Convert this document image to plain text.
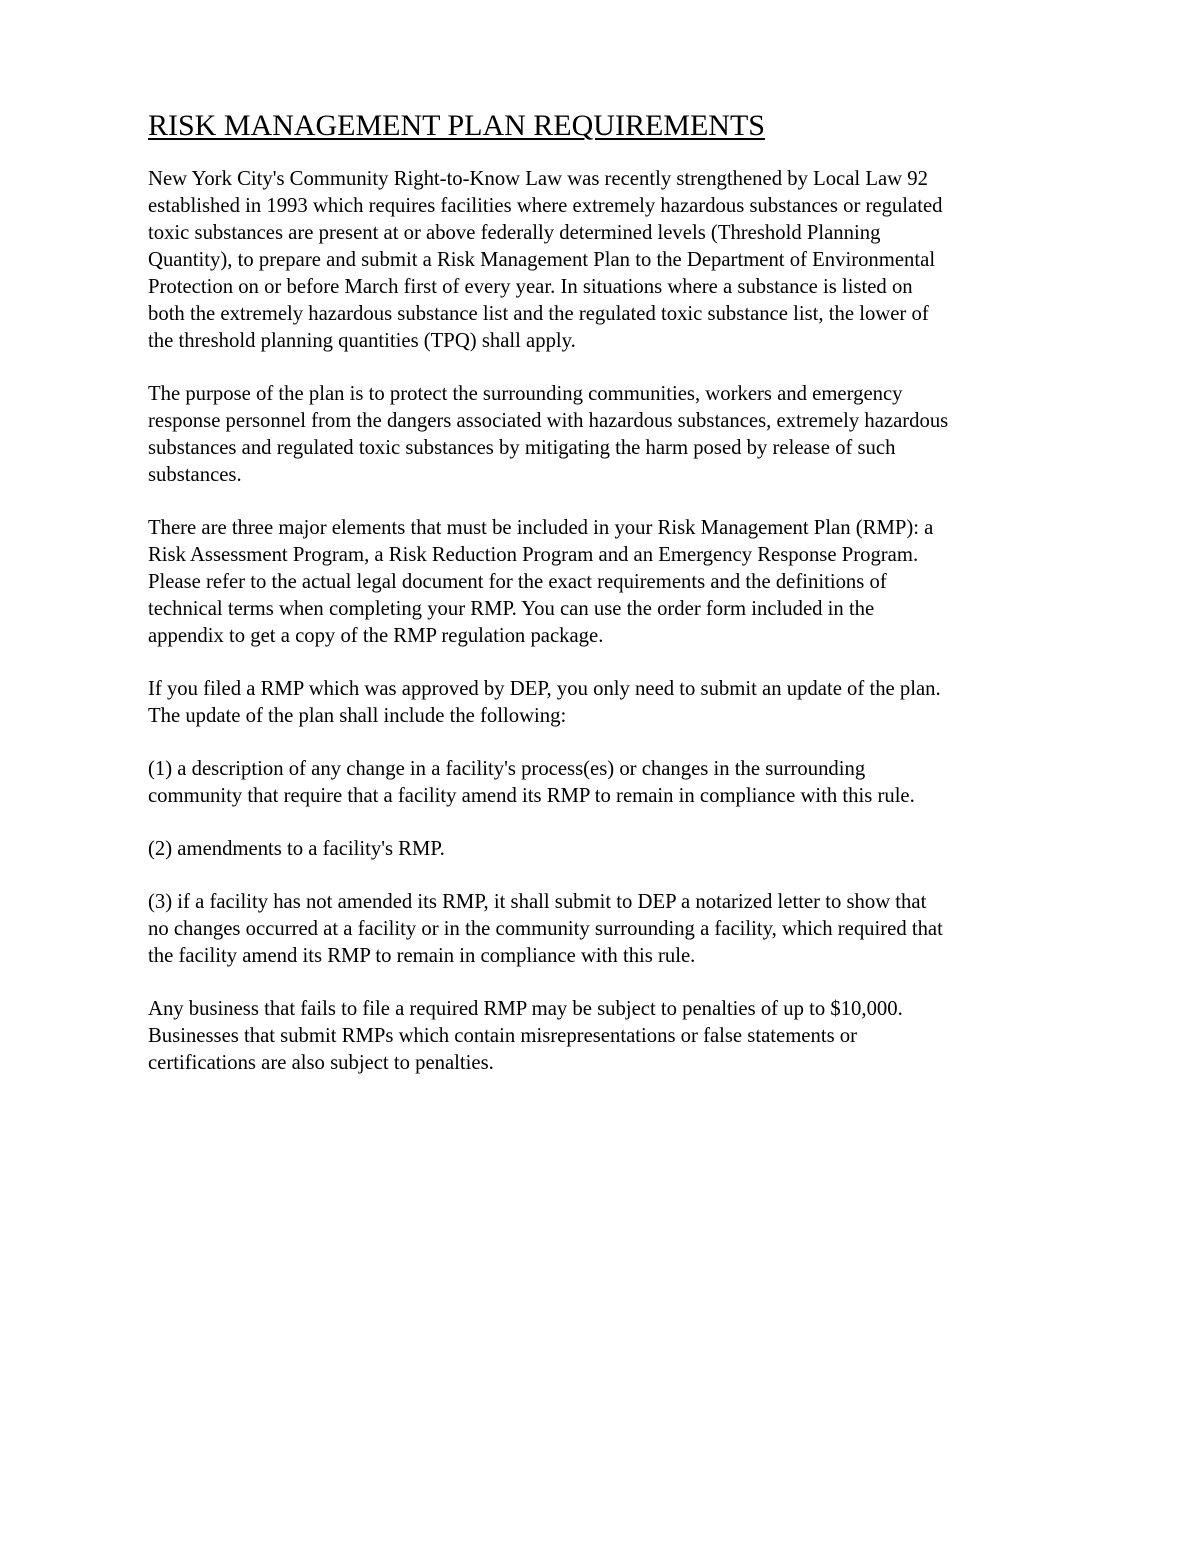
RISK MANAGEMENT PLAN REQUIREMENTS

New York City's Community Right-to-Know Law was recently strengthened by Local Law 92
established in 1993 which requires facilities where extremely hazardous substances or regulated
toxic substances are present at or above federally determined levels (Threshold Planning
Quantity), to prepare and submit a Risk Management Plan to the Department of Environmental
Protection on or before March first of every year. In situations where a substance is listed on
both the extremely hazardous substance list and the regulated toxic substance list, the lower of
the threshold planning quantities (TPQ) shall apply.

The purpose of the plan is to protect the surrounding communities, workers and emergency
response personnel from the dangers associated with hazardous substances, extremely hazardous
substances and regulated toxic substances by mitigating the harm posed by release of such
substances.

There are three major elements that must be included in your Risk Management Plan (RMP): a
Risk Assessment Program, a Risk Reduction Program and an Emergency Response Program.
Please refer to the actual legal document for the exact requirements and the definitions of
technical terms when completing your RMP. You can use the order form included in the
appendix to get a copy of the RMP regulation package.

If you filed a RMP which was approved by DEP, you only need to submit an update of the plan.
The update of the plan shall include the following:

(1) a description of any change in a facility's process(es) or changes in the surrounding
community that require that a facility amend its RMP to remain in compliance with this rule.

(2) amendments to a facility's RMP.

(3) if a facility has not amended its RMP, it shall submit to DEP a notarized letter to show that
no changes occurred at a facility or in the community surrounding a facility, which required that
the facility amend its RMP to remain in compliance with this rule.

Any business that fails to file a required RMP may be subject to penalties of up to $10,000.
Businesses that submit RMPs which contain misrepresentations or false statements or
certifications are also subject to penalties.
